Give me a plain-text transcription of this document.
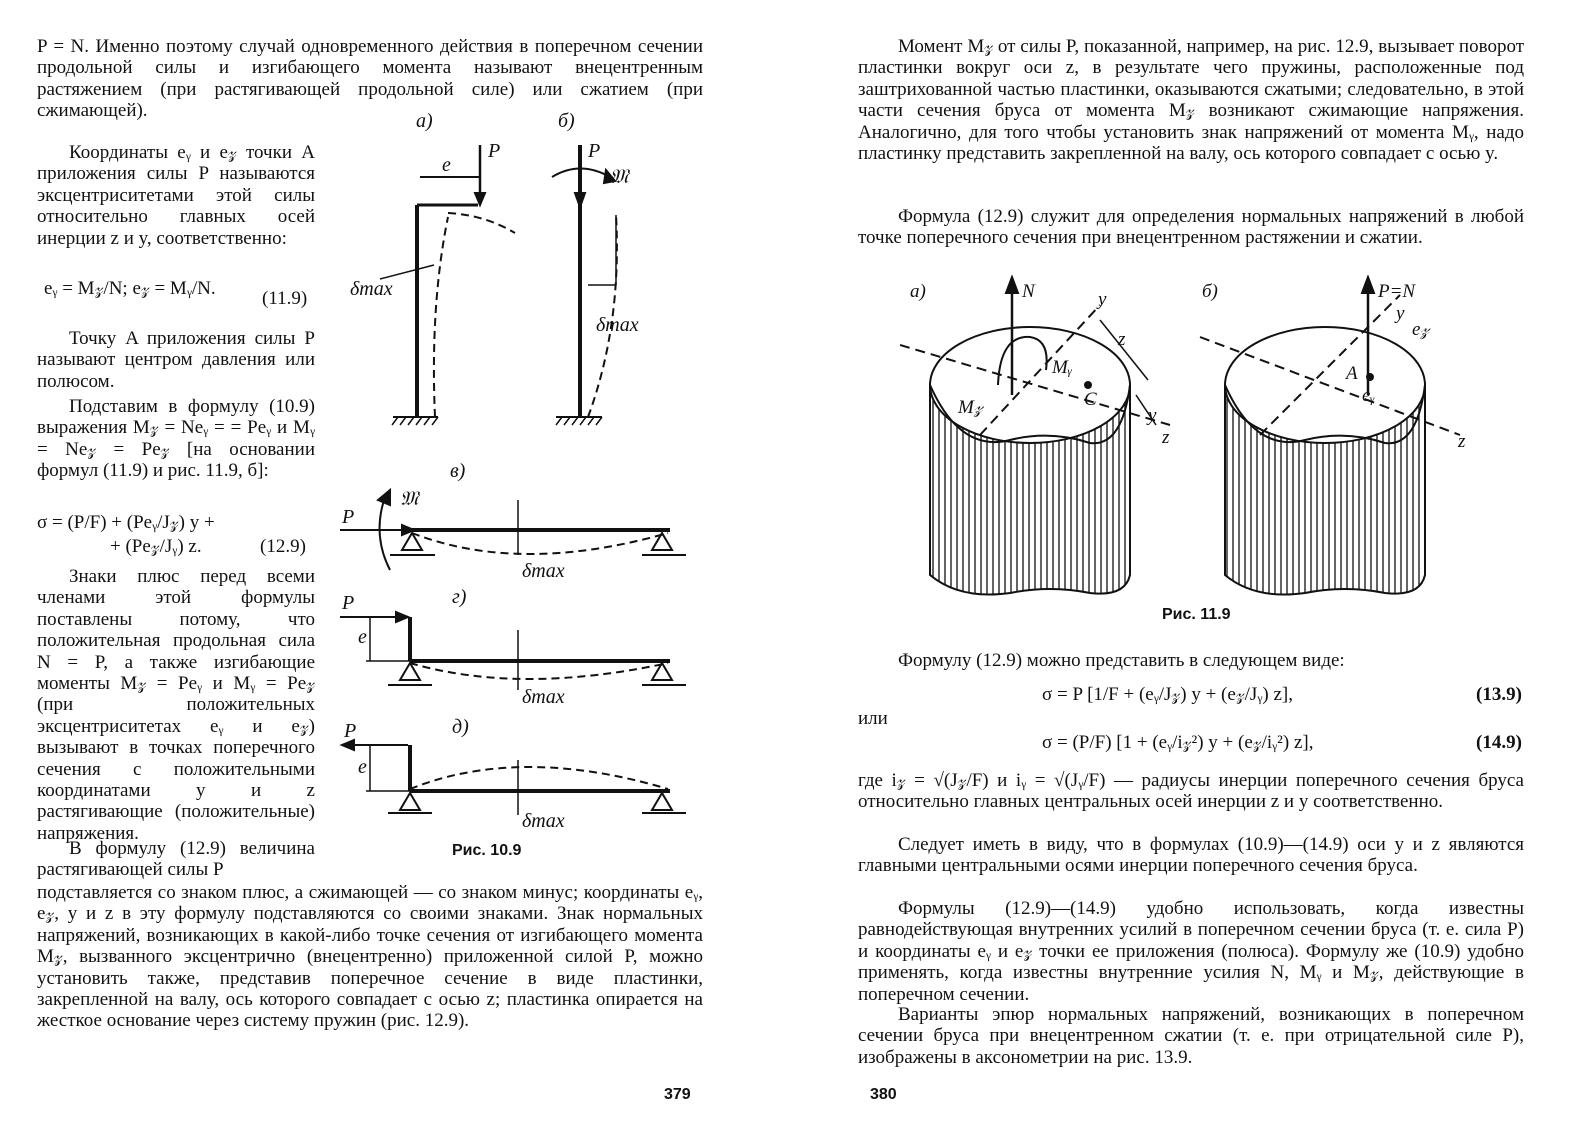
P = N. Именно поэтому случай одновременного действия в поперечном сечении продольной силы и изгибающего момента называют внецентренным растяжением (при растягивающей продольной силе) или сжатием (при сжимающей).

Координаты eᵧ и e𝓏 точки A приложения силы P называются эксцентриситетами этой силы относительно главных осей инерции z и y, соответственно:

eᵧ = M𝓏/N; e𝓏 = Mᵧ/N. (11.9)

Точку A приложения силы P называют центром давления или полюсом.

Подставим в формулу (10.9) выражения M𝓏 = Neᵧ = = Peᵧ и Mᵧ = Ne𝓏 = Pe𝓏 [на основании формул (11.9) и рис. 11.9, б]:

σ = (P/F) + (Peᵧ/J𝓏) y +
+ (Pe𝓏/Jᵧ) z.	(12.9)

Знаки плюс перед всеми членами этой формулы поставлены потому, что положительная продольная сила N = P, а также изгибающие моменты M𝓏 = Peᵧ и Mᵧ = Pe𝓏 (при положительных эксцентриситетах eᵧ и e𝓏) вызывают в точках поперечного сечения с положительными координатами y и z растягивающие (положительные) напряжения.

В формулу (12.9) величина растягивающей силы P

подставляется со знаком плюс, а сжимающей — со знаком минус; координаты eᵧ, e𝓏, y и z в эту формулу подставляются со своими знаками. Знак нормальных напряжений, возникающих в какой-либо точке сечения от изгибающего момента M𝓏, вызванного эксцентрично (внецентренно) приложенной силой P, можно установить также, представив поперечное сечение в виде пластинки, закрепленной на валу, ось которого совпадает с осью z; пластинка опирается на жесткое основание через систему пружин (рис. 12.9).

а)	б)
P
e
δmax
P
𝔐
δmax
в)
P
𝔐
δmax
г)
P
e
δmax
д)
P
e
δmax
Рис. 10.9
379

Момент M𝓏 от силы P, показанной, например, на рис. 12.9, вызывает поворот пластинки вокруг оси z, в результате чего пружины, расположенные под заштрихованной частью пластинки, оказываются сжатыми; следовательно, в этой части сечения бруса от момента M𝓏 возникают сжимающие напряжения. Аналогично, для того чтобы установить знак напряжений от момента Mᵧ, надо пластинку представить закрепленной на валу, ось которого совпадает с осью y.

Формула (12.9) служит для определения нормальных напряжений в любой точке поперечного сечения при внецентренном растяжении и сжатии.

а)	N	y
z
Mᵧ
M𝓏	C
y
z
б)	P=N
y
e𝓏
A
eᵧ
z
Рис. 11.9

Формулу (12.9) можно представить в следующем виде:

σ = P [1/F + (eᵧ/J𝓏) y + (e𝓏/Jᵧ) z],	(13.9)
или
σ = (P/F) [1 + (eᵧ/i𝓏²) y + (e𝓏/iᵧ²) z],	(14.9)

где i𝓏 = √(J𝓏/F) и iᵧ = √(Jᵧ/F) — радиусы инерции поперечного сечения бруса относительно главных центральных осей инерции z и y соответственно.

Следует иметь в виду, что в формулах (10.9)—(14.9) оси y и z являются главными центральными осями инерции поперечного сечения бруса.

Формулы (12.9)—(14.9) удобно использовать, когда известны равнодействующая внутренних усилий в поперечном сечении бруса (т. е. сила P) и координаты eᵧ и e𝓏 точки ее приложения (полюса). Формулу же (10.9) удобно применять, когда известны внутренние усилия N, Mᵧ и M𝓏, действующие в поперечном сечении.

Варианты эпюр нормальных напряжений, возникающих в поперечном сечении бруса при внецентренном сжатии (т. е. при отрицательной силе P), изображены в аксонометрии на рис. 13.9.

380
